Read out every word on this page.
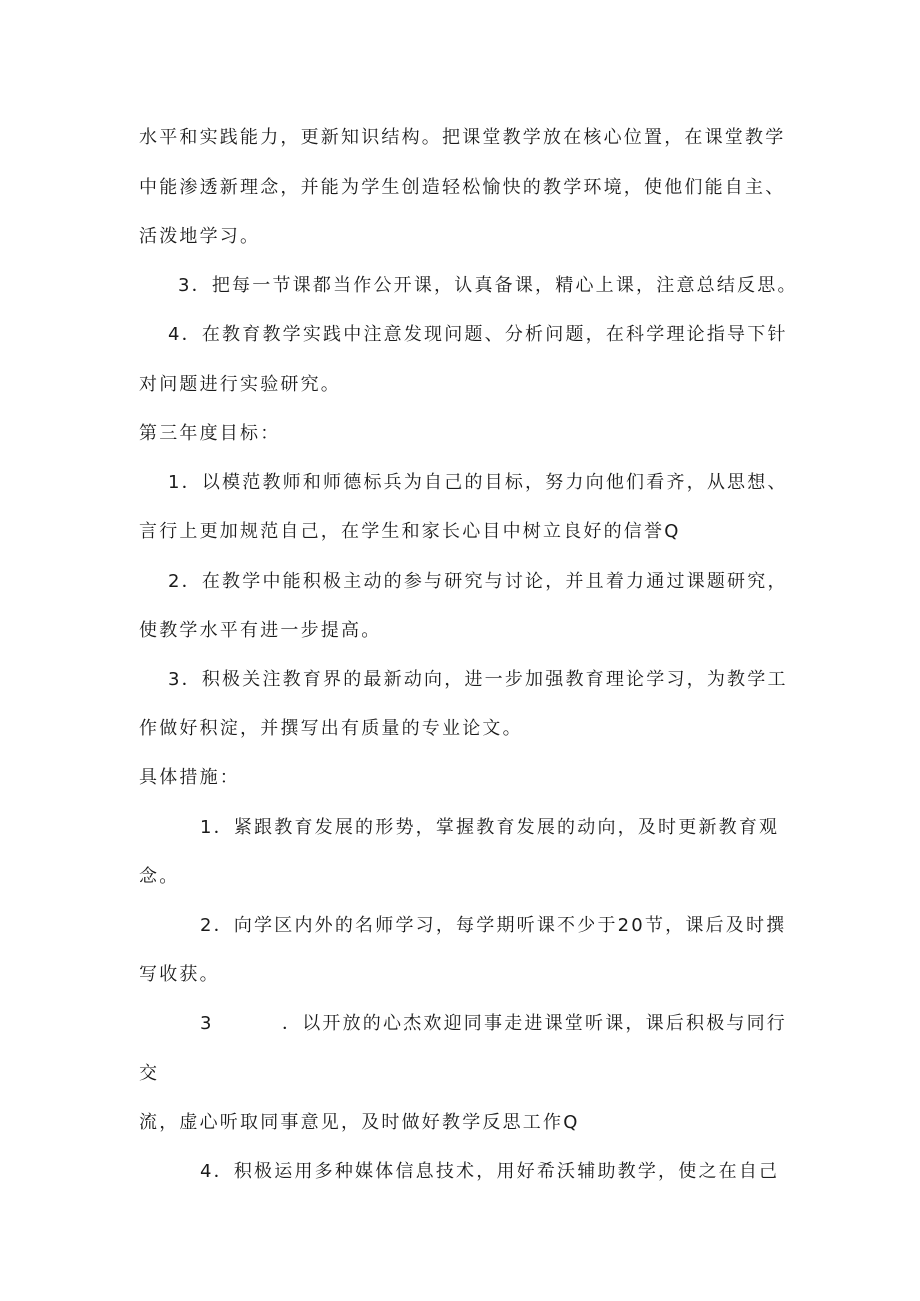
水平和实践能力，更新知识结构。把课堂教学放在核心位置，在课堂教学
中能渗透新理念，并能为学生创造轻松愉快的教学环境，使他们能自主、
活泼地学习。
3．把每一节课都当作公开课，认真备课，精心上课，注意总结反思。
4．在教育教学实践中注意发现问题、分析问题，在科学理论指导下针
对问题进行实验研究。
第三年度目标：
1．以模范教师和师德标兵为自己的目标，努力向他们看齐，从思想、
言行上更加规范自己，在学生和家长心目中树立良好的信誉Q
2．在教学中能积极主动的参与研究与讨论，并且着力通过课题研究，
使教学水平有进一步提高。
3．积极关注教育界的最新动向，进一步加强教育理论学习，为教学工
作做好积淀，并撰写出有质量的专业论文。
具体措施：
1．紧跟教育发展的形势，掌握教育发展的动向，及时更新教育观
念。
2．向学区内外的名师学习，每学期听课不少于20节，课后及时撰
写收获。
3	．以开放的心杰欢迎同事走进课堂听课，课后积极与同行
交
流，虚心听取同事意见，及时做好教学反思工作Q
4．积极运用多种媒体信息技术，用好希沃辅助教学，使之在自己
